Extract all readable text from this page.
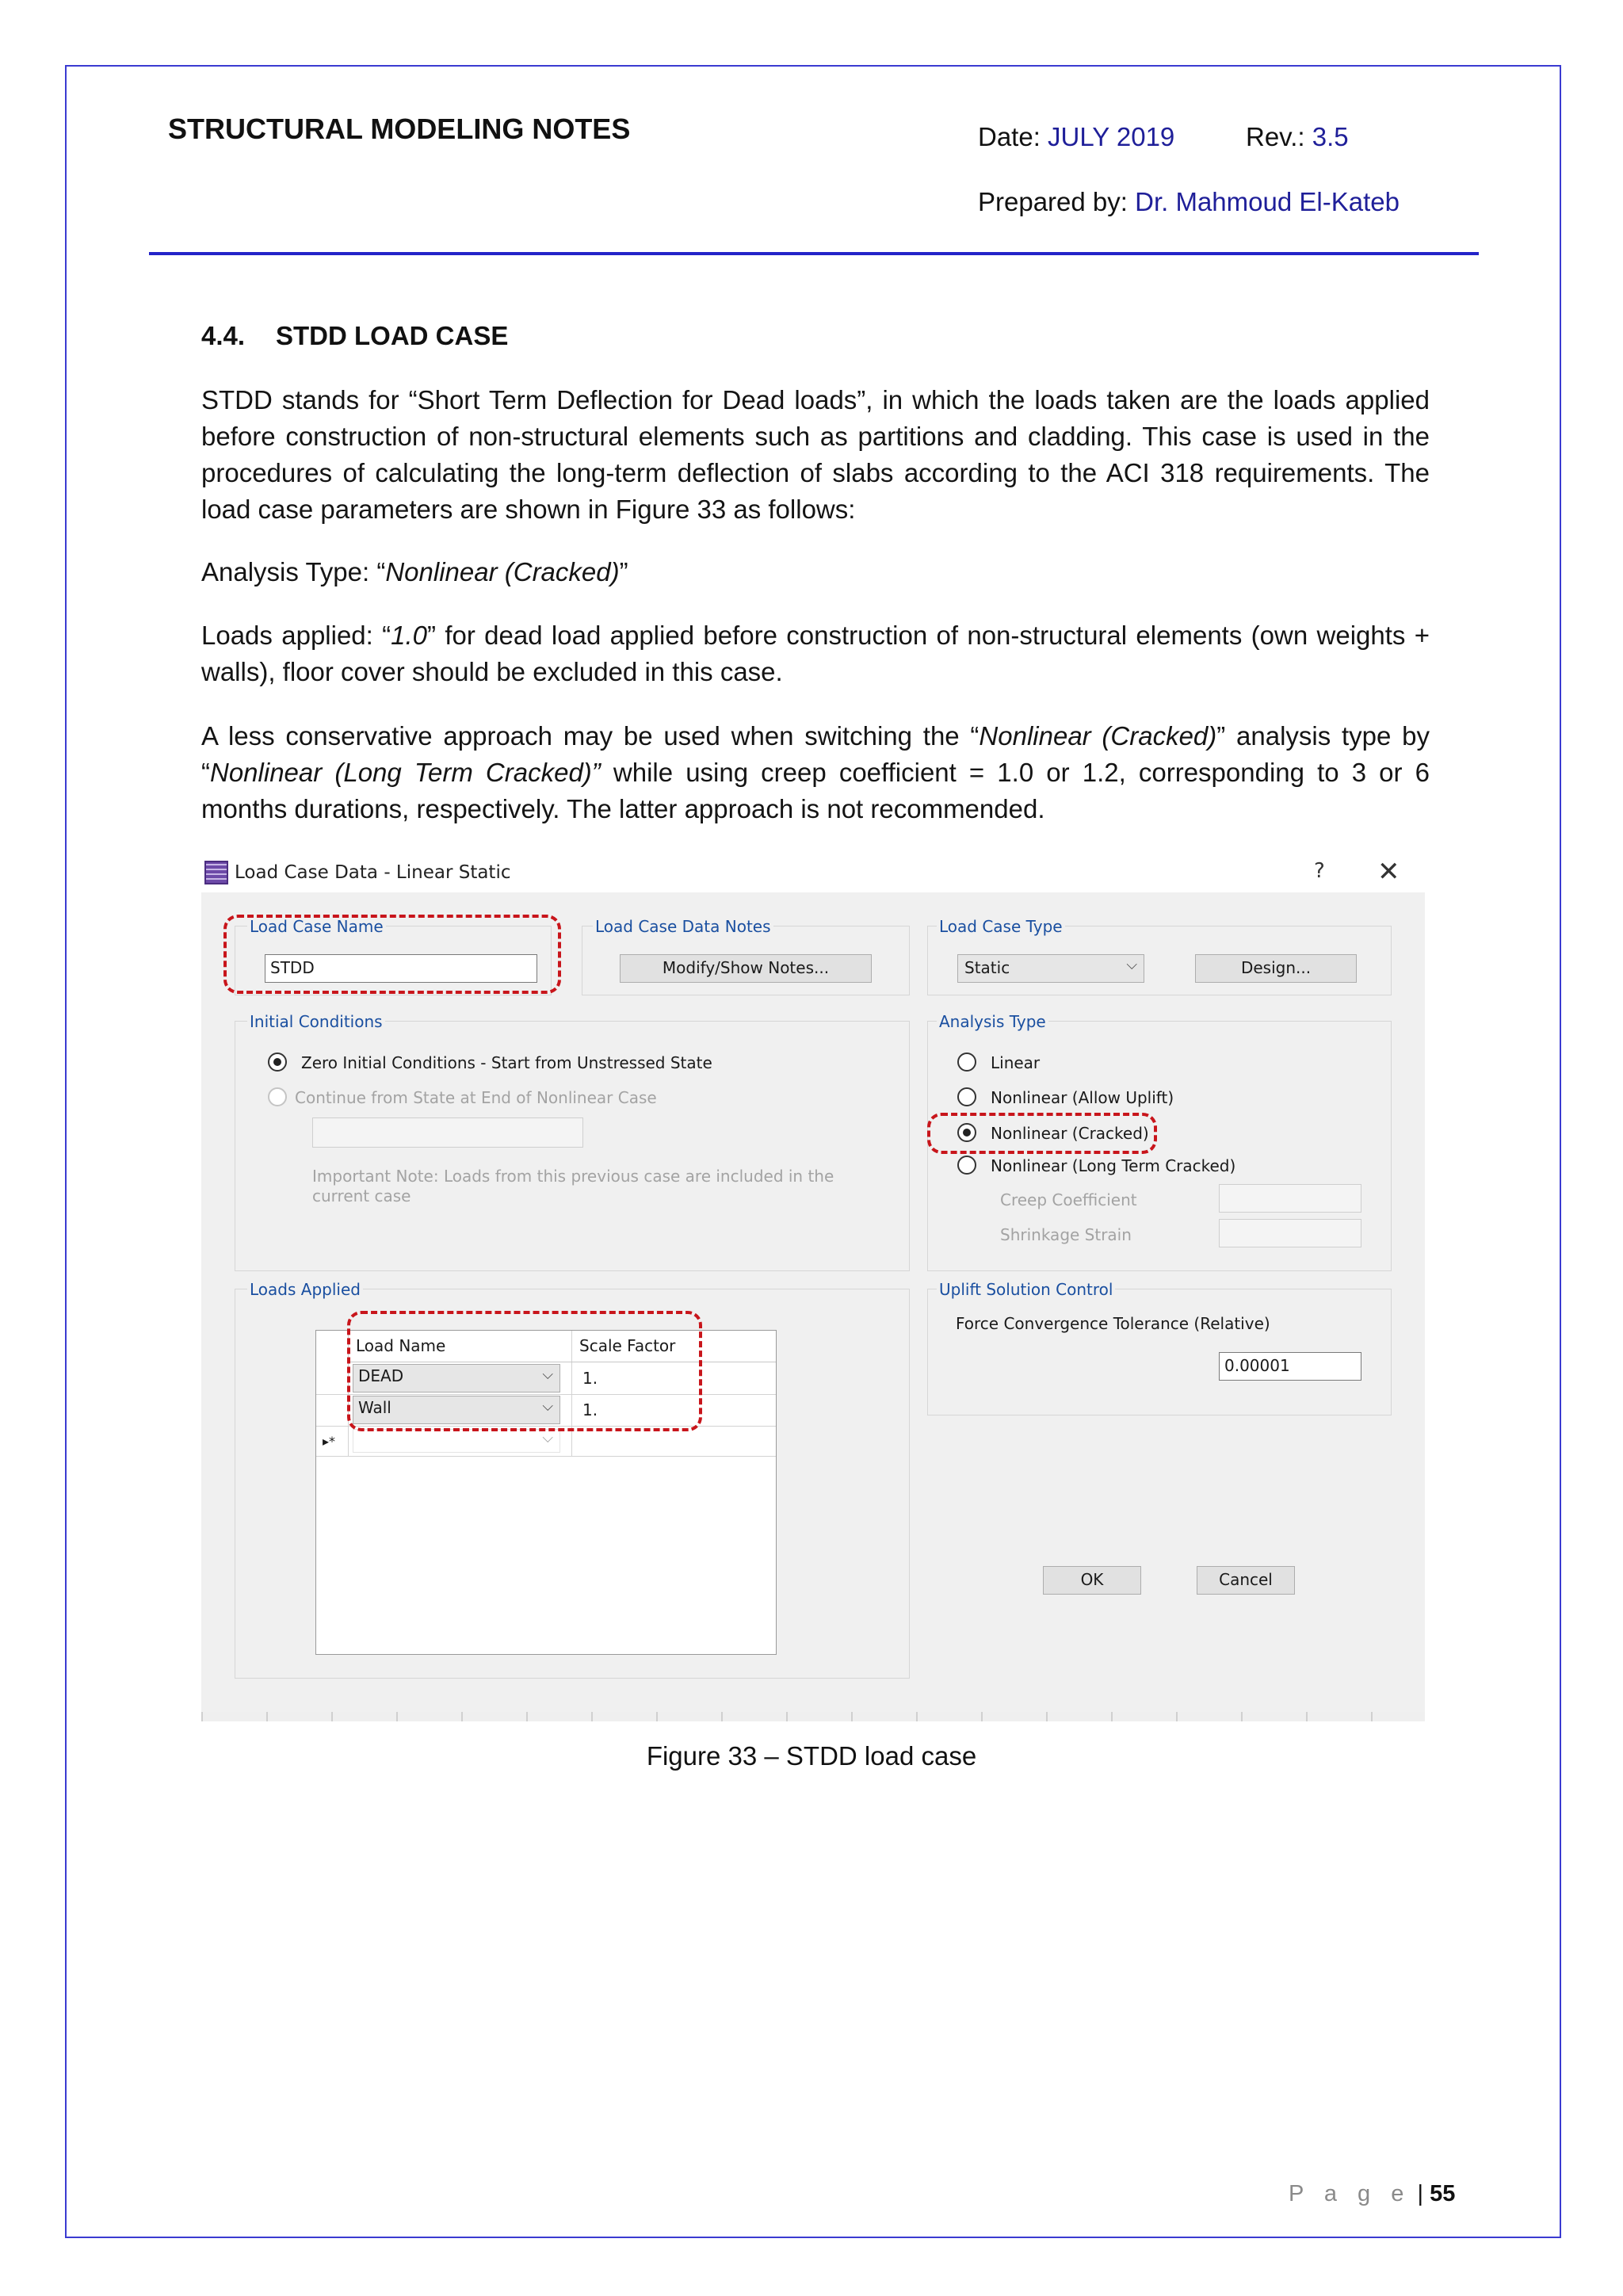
STRUCTURAL MODELING NOTES	Date: JULY 2019	Rev.: 3.5
Prepared by: Dr. Mahmoud El-Kateb
4.4. STDD LOAD CASE
STDD stands for “Short Term Deflection for Dead loads”, in which the loads taken are the loads applied before construction of non-structural elements such as partitions and cladding. This case is used in the procedures of calculating the long-term deflection of slabs according to the ACI 318 requirements. The load case parameters are shown in Figure 33 as follows:
Analysis Type: “Nonlinear (Cracked)”
Loads applied: “1.0” for dead load applied before construction of non-structural elements (own weights + walls), floor cover should be excluded in this case.
A less conservative approach may be used when switching the “Nonlinear (Cracked)” analysis type by “Nonlinear (Long Term Cracked)” while using creep coefficient = 1.0 or 1.2, corresponding to 3 or 6 months durations, respectively. The latter approach is not recommended.
Load Case Data - Linear Static	? ✕
Load Case Name
STDD
Load Case Data Notes
Modify/Show Notes...
Load Case Type
Static	⌵	Design...
Initial Conditions
Zero Initial Conditions - Start from Unstressed State
Continue from State at End of Nonlinear Case
Important Note: Loads from this previous case are included in the current case
Analysis Type
Linear
Nonlinear (Allow Uplift)
Nonlinear (Cracked)
Nonlinear (Long Term Cracked)
Creep Coefficient
Shrinkage Strain
Loads Applied
Load Name	Scale Factor
DEAD	⌵	1.
Wall	⌵	1.
▸*	⌵
Uplift Solution Control
Force Convergence Tolerance (Relative)
0.00001
OK	Cancel
Figure 33 – STDD load case
P a g e | 55
